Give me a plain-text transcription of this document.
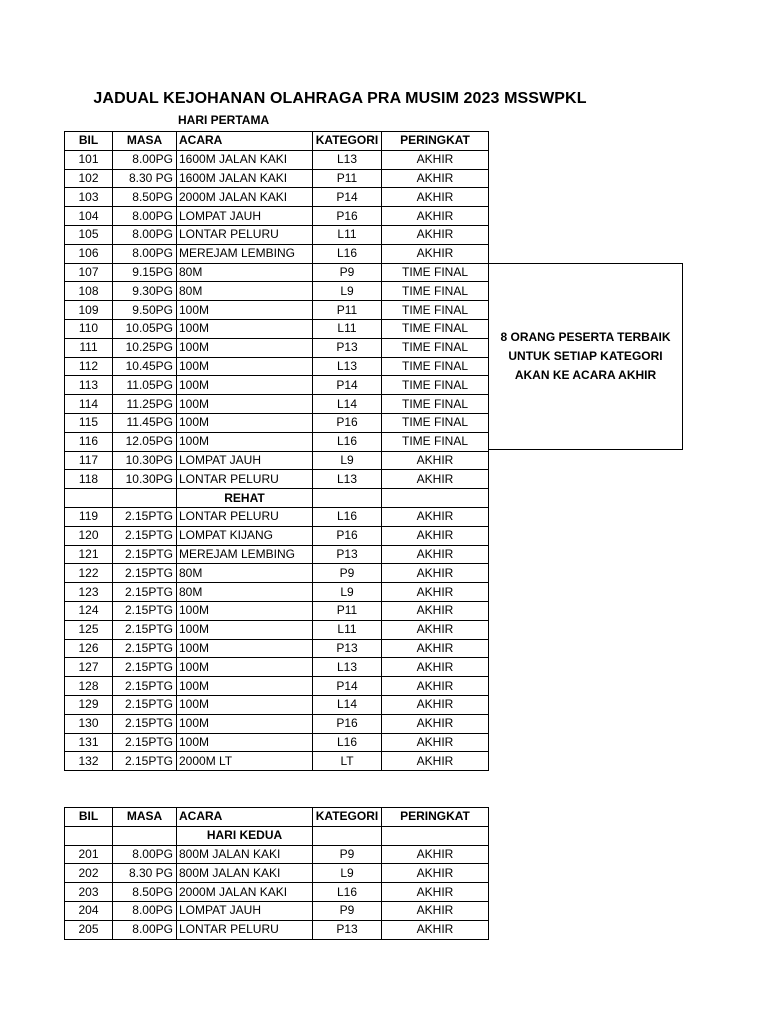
JADUAL KEJOHANAN OLAHRAGA PRA MUSIM 2023 MSSWPKL
HARI PERTAMA
BIL	MASA	ACARA	KATEGORI	PERINGKAT
101	8.00PG	1600M JALAN KAKI	L13	AKHIR
102	8.30 PG	1600M JALAN KAKI	P11	AKHIR
103	8.50PG	2000M JALAN KAKI	P14	AKHIR
104	8.00PG	LOMPAT JAUH	P16	AKHIR
105	8.00PG	LONTAR PELURU	L11	AKHIR
106	8.00PG	MEREJAM LEMBING	L16	AKHIR
107	9.15PG	80M	P9	TIME FINAL
108	9.30PG	80M	L9	TIME FINAL
109	9.50PG	100M	P11	TIME FINAL
110	10.05PG	100M	L11	TIME FINAL
111	10.25PG	100M	P13	TIME FINAL
112	10.45PG	100M	L13	TIME FINAL
113	11.05PG	100M	P14	TIME FINAL
114	11.25PG	100M	L14	TIME FINAL
115	11.45PG	100M	P16	TIME FINAL
116	12.05PG	100M	L16	TIME FINAL
117	10.30PG	LOMPAT JAUH	L9	AKHIR
118	10.30PG	LONTAR PELURU	L13	AKHIR
		REHAT		
119	2.15PTG	LONTAR PELURU	L16	AKHIR
120	2.15PTG	LOMPAT KIJANG	P16	AKHIR
121	2.15PTG	MEREJAM LEMBING	P13	AKHIR
122	2.15PTG	80M	P9	AKHIR
123	2.15PTG	80M	L9	AKHIR
124	2.15PTG	100M	P11	AKHIR
125	2.15PTG	100M	L11	AKHIR
126	2.15PTG	100M	P13	AKHIR
127	2.15PTG	100M	L13	AKHIR
128	2.15PTG	100M	P14	AKHIR
129	2.15PTG	100M	L14	AKHIR
130	2.15PTG	100M	P16	AKHIR
131	2.15PTG	100M	L16	AKHIR
132	2.15PTG	2000M LT	LT	AKHIR
8 ORANG PESERTA TERBAIK UNTUK SETIAP KATEGORI AKAN KE ACARA AKHIR
BIL	MASA	ACARA	KATEGORI	PERINGKAT
		HARI KEDUA		
201	8.00PG	800M JALAN KAKI	P9	AKHIR
202	8.30 PG	800M JALAN KAKI	L9	AKHIR
203	8.50PG	2000M JALAN KAKI	L16	AKHIR
204	8.00PG	LOMPAT JAUH	P9	AKHIR
205	8.00PG	LONTAR PELURU	P13	AKHIR
